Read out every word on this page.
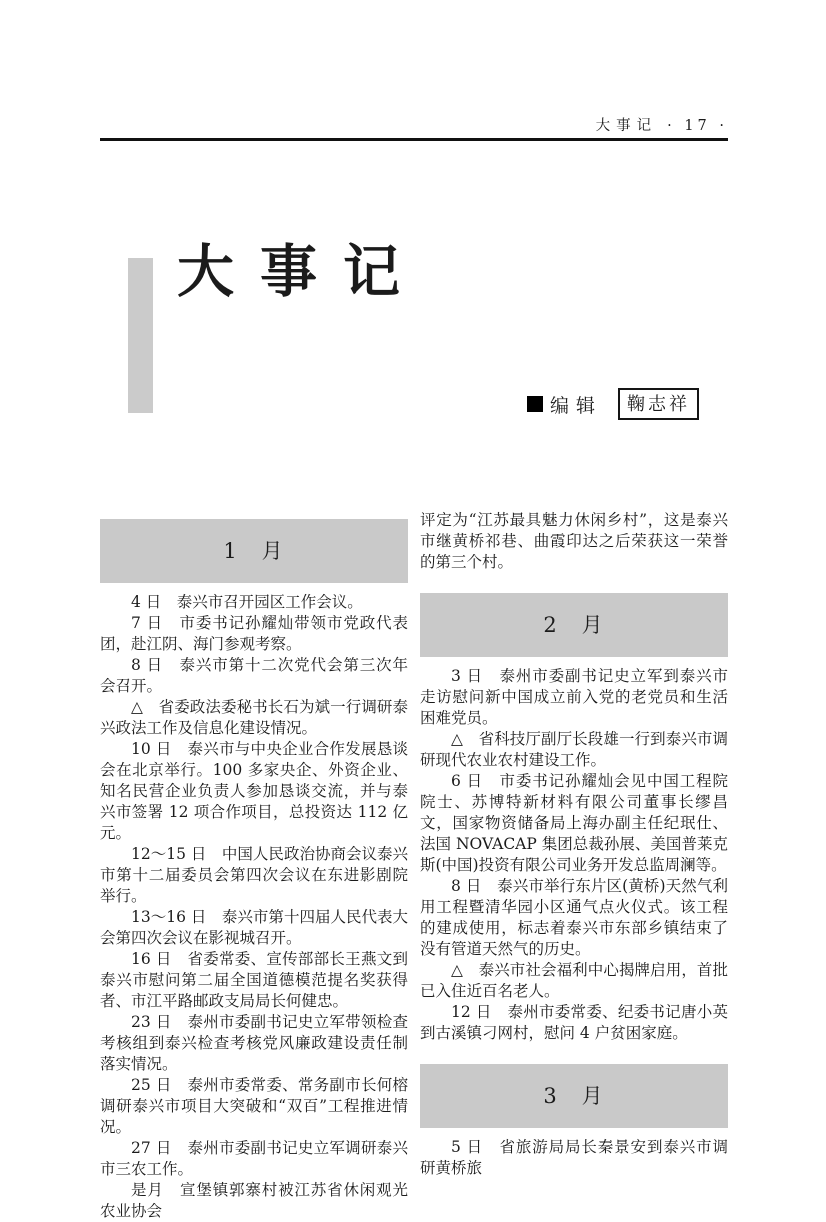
大事记 · 17 ·
大事记
编辑	鞠志祥
1　月

4 日　泰兴市召开园区工作会议。

7 日　市委书记孙耀灿带领市党政代表团，赴江阴、海门参观考察。

8 日　泰兴市第十二次党代会第三次年会召开。

△　省委政法委秘书长石为斌一行调研泰兴政法工作及信息化建设情况。

10 日　泰兴市与中央企业合作发展恳谈会在北京举行。100 多家央企、外资企业、知名民营企业负责人参加恳谈交流，并与泰兴市签署 12 项合作项目，总投资达 112 亿元。

12～15 日　中国人民政治协商会议泰兴市第十二届委员会第四次会议在东进影剧院举行。

13～16 日　泰兴市第十四届人民代表大会第四次会议在影视城召开。

16 日　省委常委、宣传部部长王燕文到泰兴市慰问第二届全国道德模范提名奖获得者、市江平路邮政支局局长何健忠。

23 日　泰州市委副书记史立军带领检查考核组到泰兴检查考核党风廉政建设责任制落实情况。

25 日　泰州市委常委、常务副市长何榕调研泰兴市项目大突破和“双百”工程推进情况。

27 日　泰州市委副书记史立军调研泰兴市三农工作。

是月　宣堡镇郭寨村被江苏省休闲观光农业协会

评定为“江苏最具魅力休闲乡村”，这是泰兴市继黄桥祁巷、曲霞印达之后荣获这一荣誉的第三个村。

2　月

3 日　泰州市委副书记史立军到泰兴市走访慰问新中国成立前入党的老党员和生活困难党员。

△　省科技厅副厅长段雄一行到泰兴市调研现代农业农村建设工作。

6 日　市委书记孙耀灿会见中国工程院院士、苏博特新材料有限公司董事长缪昌文，国家物资储备局上海办副主任纪珉仕、法国 NOVACAP 集团总裁孙展、美国普莱克斯(中国)投资有限公司业务开发总监周澜等。

8 日　泰兴市举行东片区(黄桥)天然气利用工程暨清华园小区通气点火仪式。该工程的建成使用，标志着泰兴市东部乡镇结束了没有管道天然气的历史。

△　泰兴市社会福利中心揭牌启用，首批已入住近百名老人。

12 日　泰州市委常委、纪委书记唐小英到古溪镇刁网村，慰问 4 户贫困家庭。

3　月

5 日　省旅游局局长秦景安到泰兴市调研黄桥旅
